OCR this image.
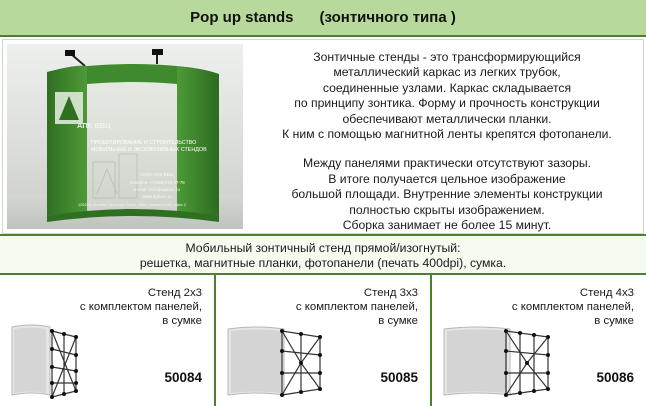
Pop up stands (зонтичного типа )
АПК ВВЦ
ПРОЕКТИРОВАНИЕ И СТРОИТЕЛЬСТВО
МОБИЛЬНЫХ И ЭКСКЛЮЗИВНЫХ СТЕНДОВ
ООО АПК ВВЦ
телефон: +7(495)748-37-78
e-mail: tech@apkvvc.ru
www.apkvvc.ru
129223, Москва, Проспект Мира, ВВЦ, павильон 63, офис 2

Зонтичные стенды - это трансформирующийся

металлический каркас из легких трубок,

соединенные узлами. Каркас складывается

по принципу зонтика. Форму и прочность конструкции

обеспечивают металлически планки.

К ним с помощью магнитной ленты крепятся фотопанели.

Между панелями практически отсутствуют зазоры.

В итоге получается цельное изображение

большой площади. Внутренние элементы конструкции

полностью скрыты изображением.

Сборка занимает не более 15 минут.

Мобильный зонтичный стенд прямой/изогнутый:
решетка, магнитные планки, фотопанели (печать 400dpi), сумка.
Стенд 2x3
с комплектом панелей,
в сумке
50084
Стенд 3x3
с комплектом панелей,
в сумке
50085
Стенд 4x3
с комплектом панелей,
в сумке
50086
